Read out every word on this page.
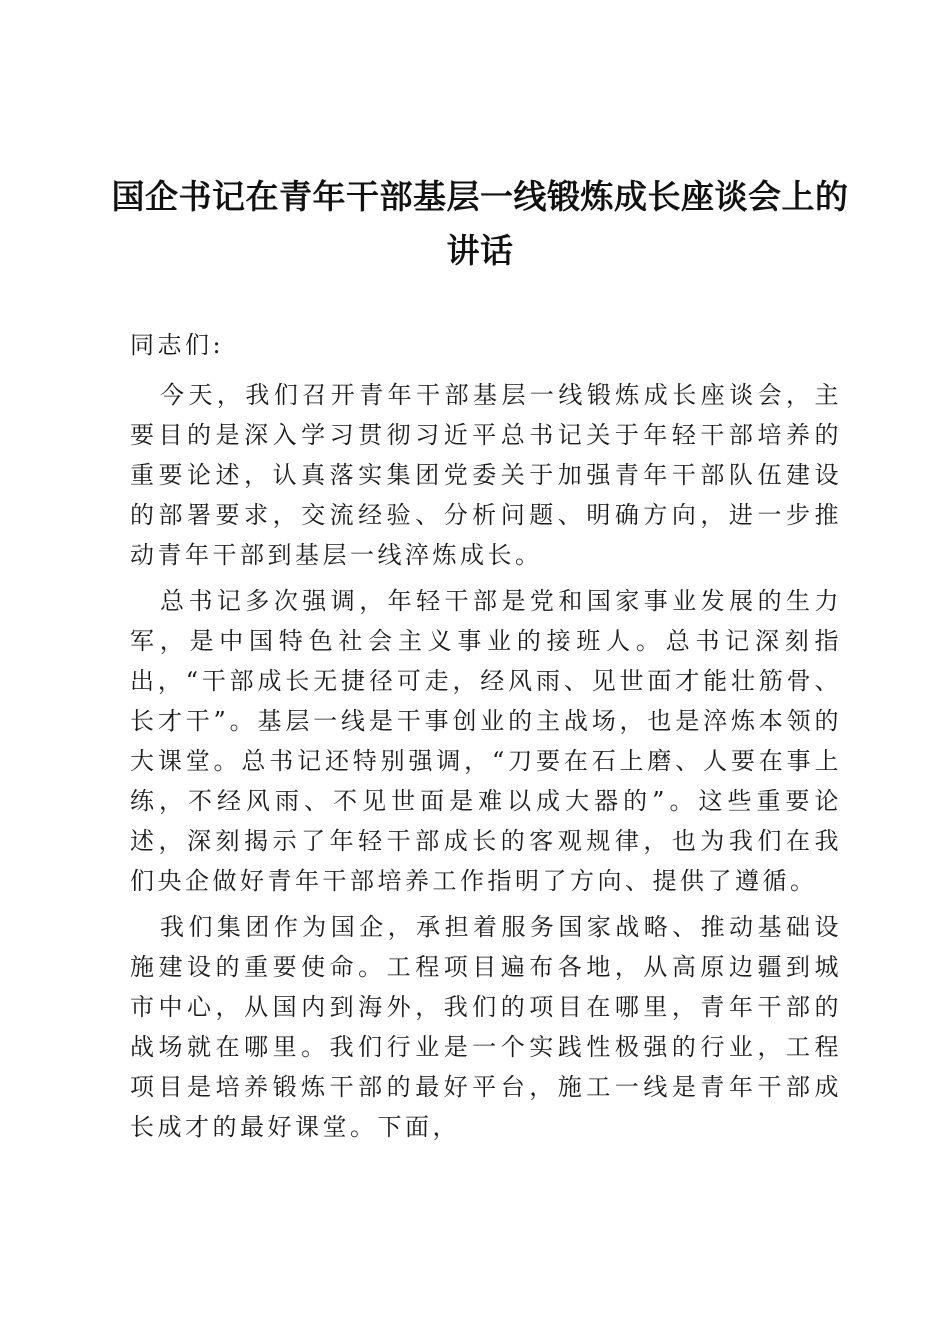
国企书记在青年干部基层一线锻炼成长座谈会上的讲话

同志们:

今天，我们召开青年干部基层一线锻炼成长座谈会，主要目的是深入学习贯彻习近平总书记关于年轻干部培养的重要论述，认真落实集团党委关于加强青年干部队伍建设的部署要求，交流经验、分析问题、明确方向，进一步推动青年干部到基层一线淬炼成长。

总书记多次强调，年轻干部是党和国家事业发展的生力军，是中国特色社会主义事业的接班人。总书记深刻指出，“干部成长无捷径可走，经风雨、见世面才能壮筋骨、长才干”。基层一线是干事创业的主战场，也是淬炼本领的大课堂。总书记还特别强调，“刀要在石上磨、人要在事上练，不经风雨、不见世面是难以成大器的”。这些重要论述，深刻揭示了年轻干部成长的客观规律，也为我们在我们央企做好青年干部培养工作指明了方向、提供了遵循。

我们集团作为国企，承担着服务国家战略、推动基础设施建设的重要使命。工程项目遍布各地，从高原边疆到城市中心，从国内到海外，我们的项目在哪里，青年干部的战场就在哪里。我们行业是一个实践性极强的行业，工程项目是培养锻炼干部的最好平台，施工一线是青年干部成长成才的最好课堂。下面，
